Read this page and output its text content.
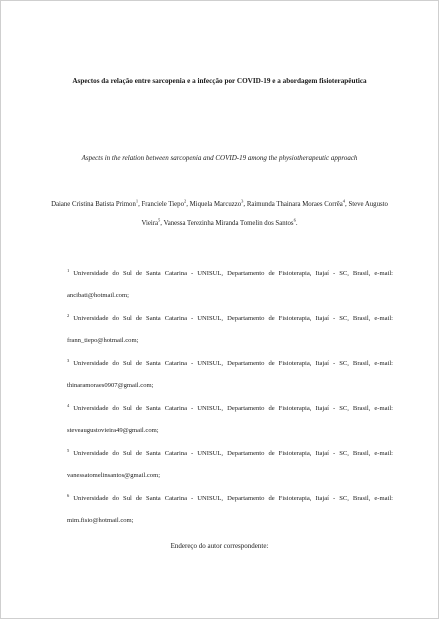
Aspectos da relação entre sarcopenia e a infecção por COVID-19 e a abordagem fisioterapêutica
Aspects in the relation between sarcopenia and COVID-19 among the physiotherapeutic approach
Daiane Cristina Batista Primon$^1$, Franciele Tiepo$^2$, Miquela Marcuzzo$^3$, Raimunda Thainara Moraes Corrêa$^4$, Steve Augusto Vieira$^5$, Vanessa Terezinha Miranda Tomelin dos Santos$^6$.
$^1$ Universidade do Sul de Santa Catarina - UNISUL, Departamento de Fisioterapia, Itajaí - SC, Brasil, e-mail: ancibati@hotmail.com;
$^2$ Universidade do Sul de Santa Catarina - UNISUL, Departamento de Fisioterapia, Itajaí - SC, Brasil, e-mail: frann_tiepo@hotmail.com;
$^3$ Universidade do Sul de Santa Catarina - UNISUL, Departamento de Fisioterapia, Itajaí - SC, Brasil, e-mail: thinaramoraes0907@gmail.com;
$^4$ Universidade do Sul de Santa Catarina - UNISUL, Departamento de Fisioterapia, Itajaí - SC, Brasil, e-mail: steveaugustovieira49@gmail.com;
$^5$ Universidade do Sul de Santa Catarina - UNISUL, Departamento de Fisioterapia, Itajaí - SC, Brasil, e-mail: vanessatomelinsantos@gmail.com;
$^6$ Universidade do Sul de Santa Catarina - UNISUL, Departamento de Fisioterapia, Itajaí - SC, Brasil, e-mail: mim.fisio@hotmail.com;
Endereço do autor correspondente:
